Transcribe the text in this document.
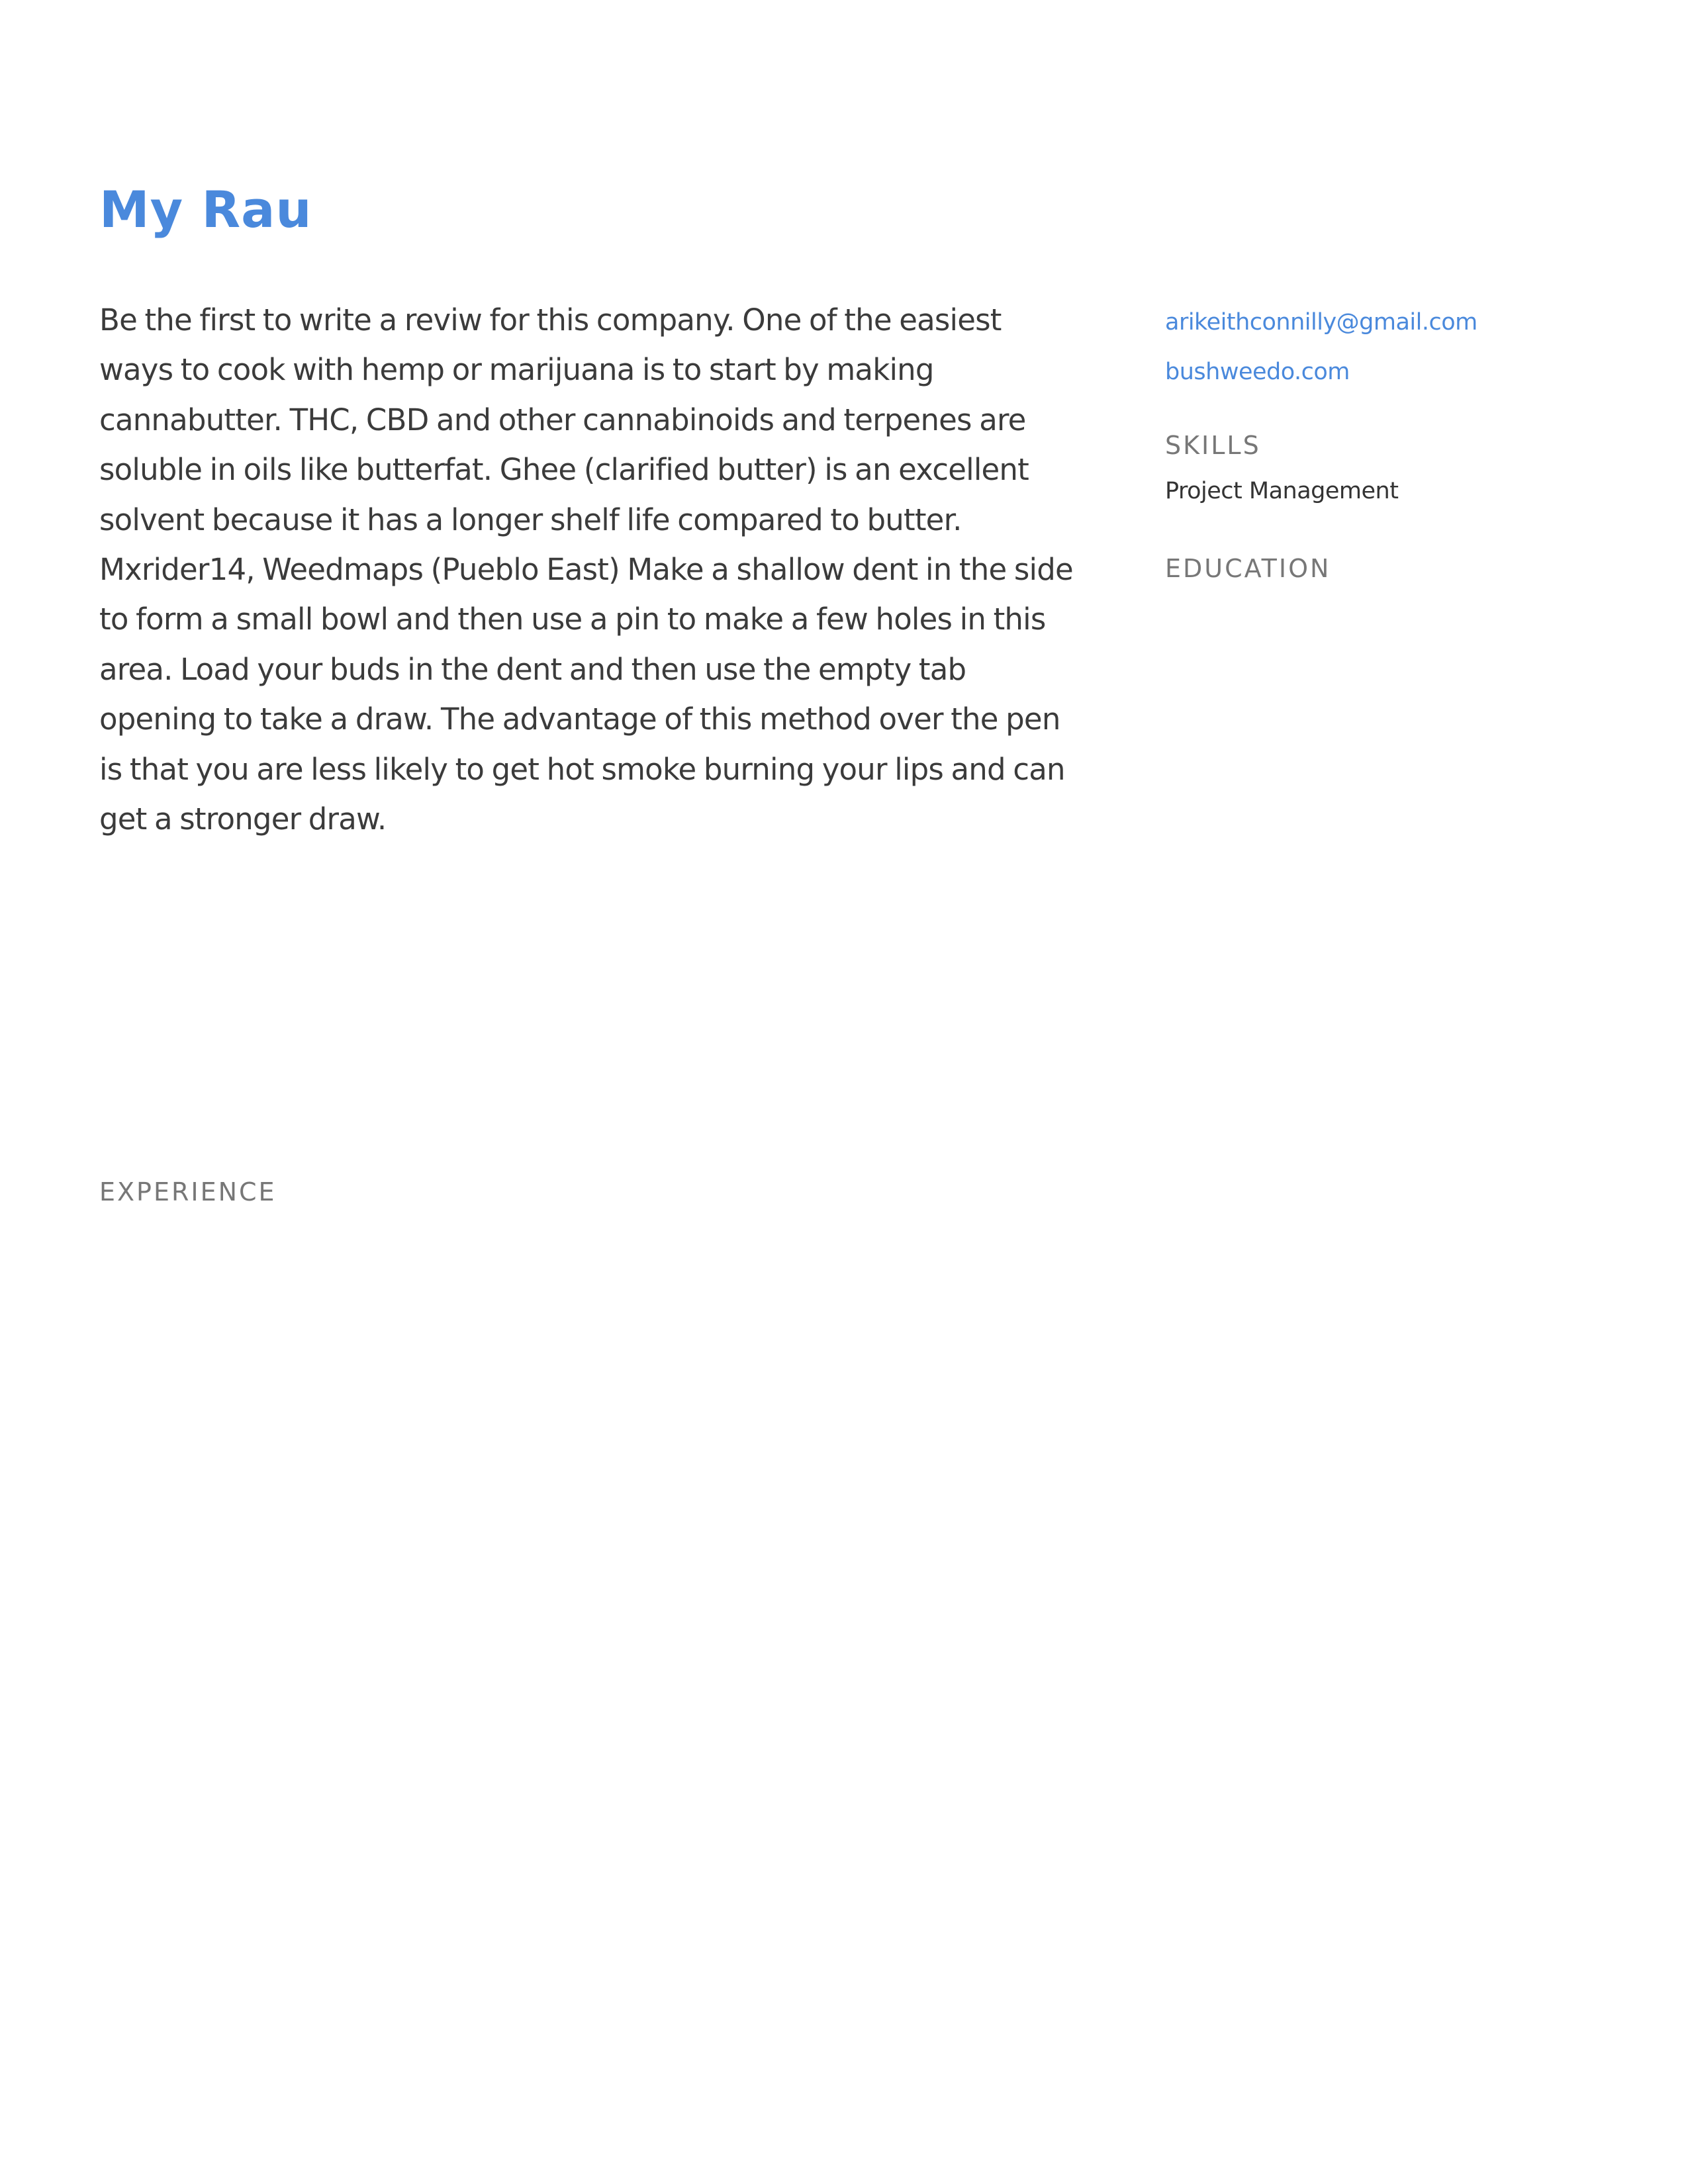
My Rau

Be the first to write a reviw for this company. One of the easiest ways to cook with hemp or marijuana is to start by making cannabutter. THC, CBD and other cannabinoids and terpenes are soluble in oils like butterfat. Ghee (clarified butter) is an excellent solvent because it has a longer shelf life compared to butter. Mxrider14, Weedmaps (Pueblo East) Make a shallow dent in the side to form a small bowl and then use a pin to make a few holes in this area. Load your buds in the dent and then use the empty tab opening to take a draw. The advantage of this method over the pen is that you are less likely to get hot smoke burning your lips and can get a stronger draw.

EXPERIENCE
arikeithconnilly@gmail.com
bushweedo.com
SKILLS
Project Management
EDUCATION
